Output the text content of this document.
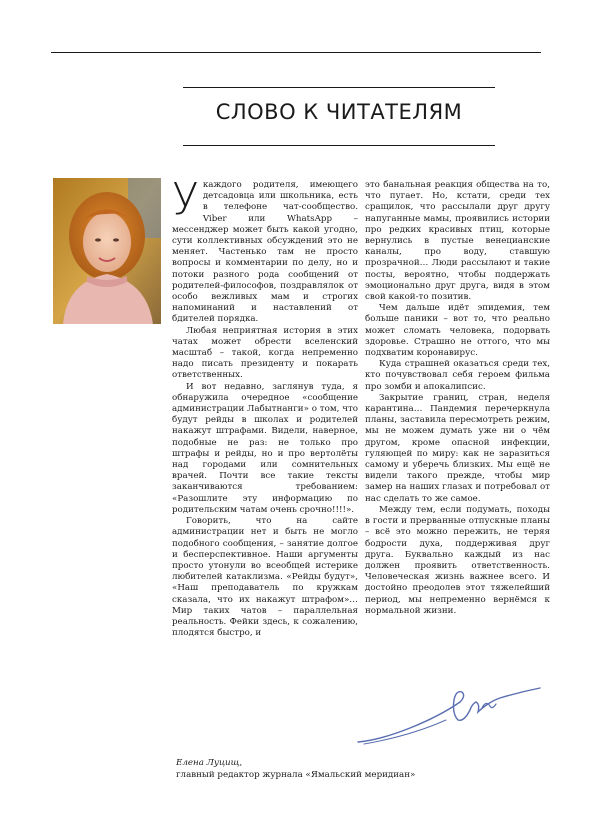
СЛОВО К ЧИТАТЕЛЯМ
У каждого родителя, имеющего детсадовца или школьника, есть в телефоне чат-сообщество. Viber или WhatsApp – мессенджер может быть какой угодно, сути коллективных обсуждений это не меняет. Частенько там не просто вопросы и комментарии по делу, но и потоки разного рода сообщений от родителей-философов, поздравлялок от особо вежливых мам и строгих напоминаний и наставлений от бдителей порядка.

Любая неприятная история в этих чатах может обрести вселенский масштаб – такой, когда непременно надо писать президенту и покарать ответственных.

И вот недавно, заглянув туда, я обнаружила очередное «сообщение администрации Лабытнанги» о том, что будут рейды в школах и родителей накажут штрафами. Видели, наверное, подобные не раз: не только про штрафы и рейды, но и про вертолёты над городами или сомнительных врачей. Почти все такие тексты заканчиваются требованием: «Разошлите эту информацию по родительским чатам очень срочно!!!!».

Говорить, что на сайте администрации нет и быть не могло подобного сообщения, – занятие долгое и бесперспективное. Наши аргументы просто утонули во всеобщей истерике любителей катаклизма. «Рейды будут», «Наш преподаватель по кружкам сказала, что их накажут штрафом»… Мир таких чатов – параллельная реальность. Фейки здесь, к сожалению, плодятся быстро, и

это банальная реакция общества на то, что пугает. Но, кстати, среди тех сращилок, что рассылали друг другу напуганные мамы, проявились истории про редких красивых птиц, которые вернулись в пустые венецианские каналы, про воду, ставшую прозрачной… Люди рассылают и такие посты, вероятно, чтобы поддержать эмоционально друг друга, видя в этом свой какой-то позитив.

Чем дальше идёт эпидемия, тем больше паники – вот то, что реально может сломать человека, подорвать здоровье. Страшно не оттого, что мы подхватим коронавирус.

Куда страшней оказаться среди тех, кто почувствовал себя героем фильма про зомби и апокалипсис.

Закрытие границ, стран, неделя карантина… Пандемия перечеркнула планы, заставила пересмотреть режим, мы не можем думать уже ни о чём другом, кроме опасной инфекции, гуляющей по миру: как не заразиться самому и уберечь близких. Мы ещё не видели такого прежде, чтобы мир замер на наших глазах и потребовал от нас сделать то же самое.

Между тем, если подумать, походы в гости и прерванные отпускные планы – всё это можно пережить, не теряя бодрости духа, поддерживая друг друга. Буквально каждый из нас должен проявить ответственность. Человеческая жизнь важнее всего. И достойно преодолев этот тяжелейший период, мы непременно вернёмся к нормальной жизни.

Елена Луцищ,

главный редактор журнала «Ямальский меридиан»
